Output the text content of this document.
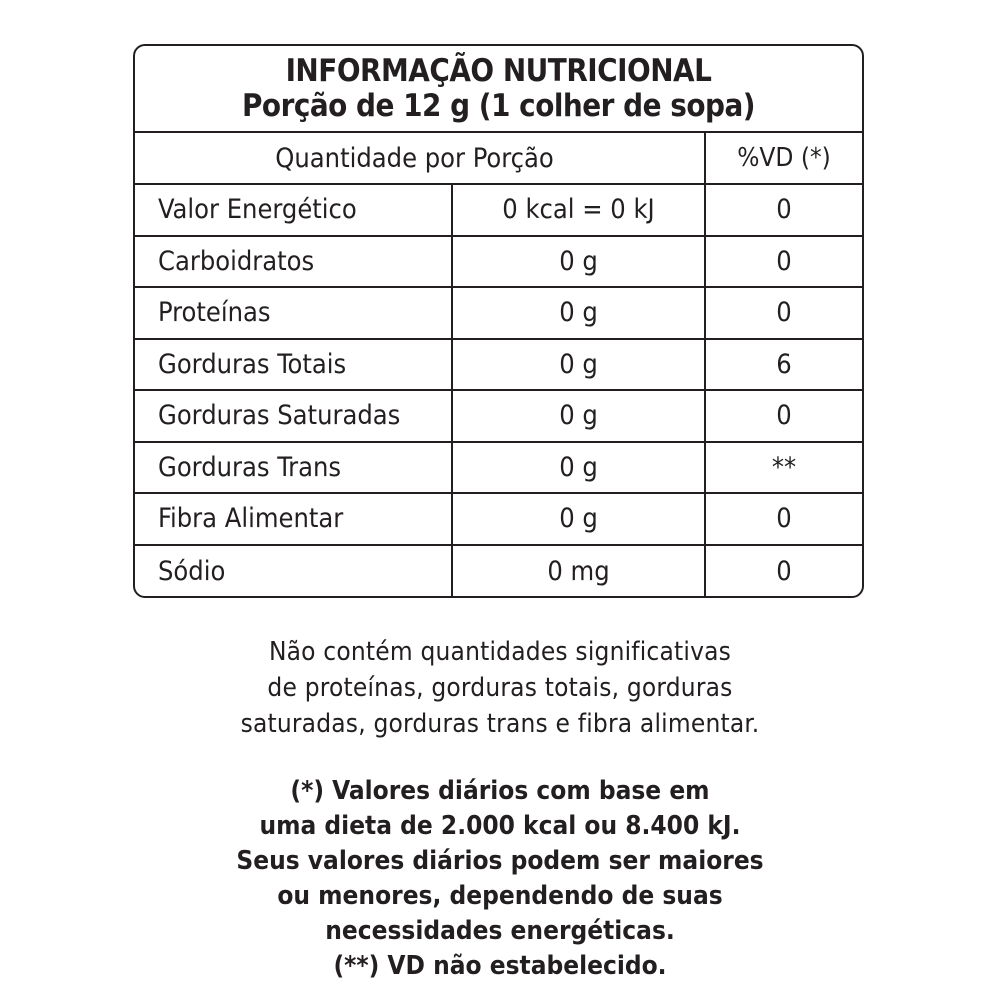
INFORMAÇÃO NUTRICIONAL
Porção de 12 g (1 colher de sopa)
Quantidade por Porção	%VD (*)
Valor Energético	0 kcal = 0 kJ	0
Carboidratos	0 g	0
Proteínas	0 g	0
Gorduras Totais	0 g	6
Gorduras Saturadas	0 g	0
Gorduras Trans	0 g	**
Fibra Alimentar	0 g	0
Sódio	0 mg	0
Não contém quantidades significativas
de proteínas, gorduras totais, gorduras
saturadas, gorduras trans e fibra alimentar.
(*) Valores diários com base em
uma dieta de 2.000 kcal ou 8.400 kJ.
Seus valores diários podem ser maiores
ou menores, dependendo de suas
necessidades energéticas.
(**) VD não estabelecido.
